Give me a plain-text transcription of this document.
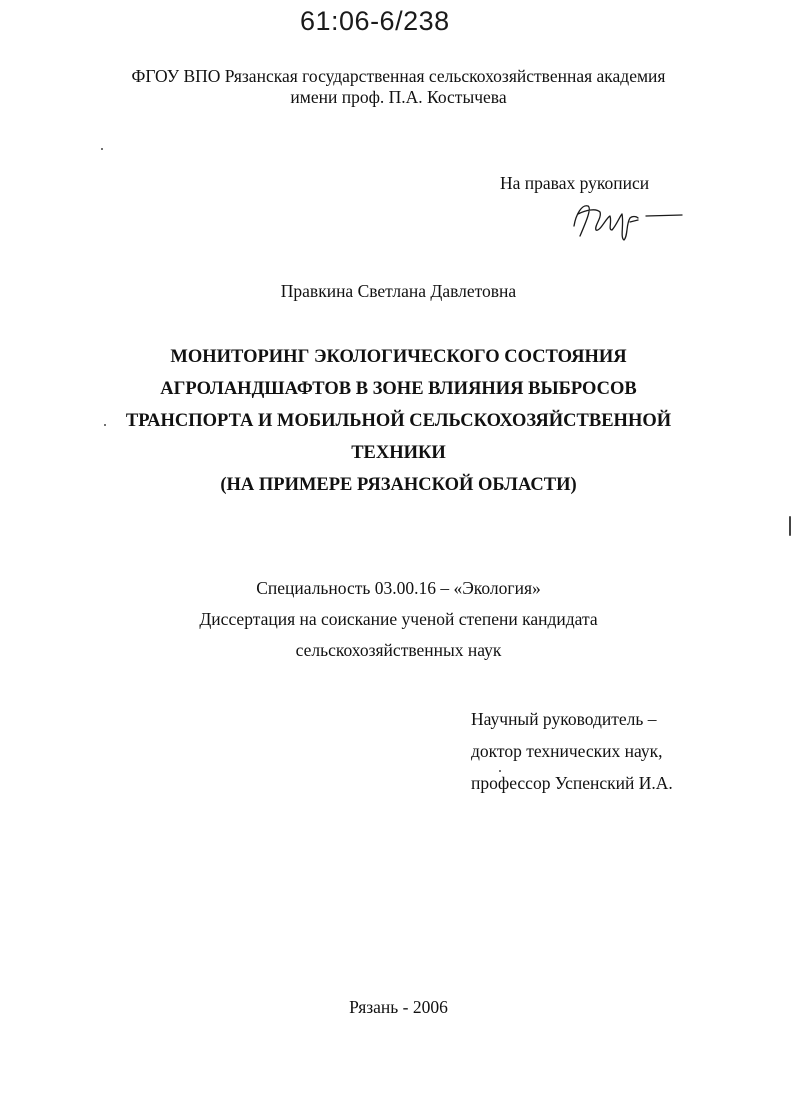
61:06-6/238
ФГОУ ВПО Рязанская государственная сельскохозяйственная академия
имени проф. П.А. Костычева
На правах рукописи
Правкина Светлана Давлетовна
МОНИТОРИНГ ЭКОЛОГИЧЕСКОГО СОСТОЯНИЯ
АГРОЛАНДШАФТОВ В ЗОНЕ ВЛИЯНИЯ ВЫБРОСОВ
ТРАНСПОРТА И МОБИЛЬНОЙ СЕЛЬСКОХОЗЯЙСТВЕННОЙ
ТЕХНИКИ
(НА ПРИМЕРЕ РЯЗАНСКОЙ ОБЛАСТИ)
Специальность 03.00.16 – «Экология»
Диссертация на соискание ученой степени кандидата
сельскохозяйственных наук
Научный руководитель –
доктор технических наук,
профессор Успенский И.А.
Рязань - 2006
